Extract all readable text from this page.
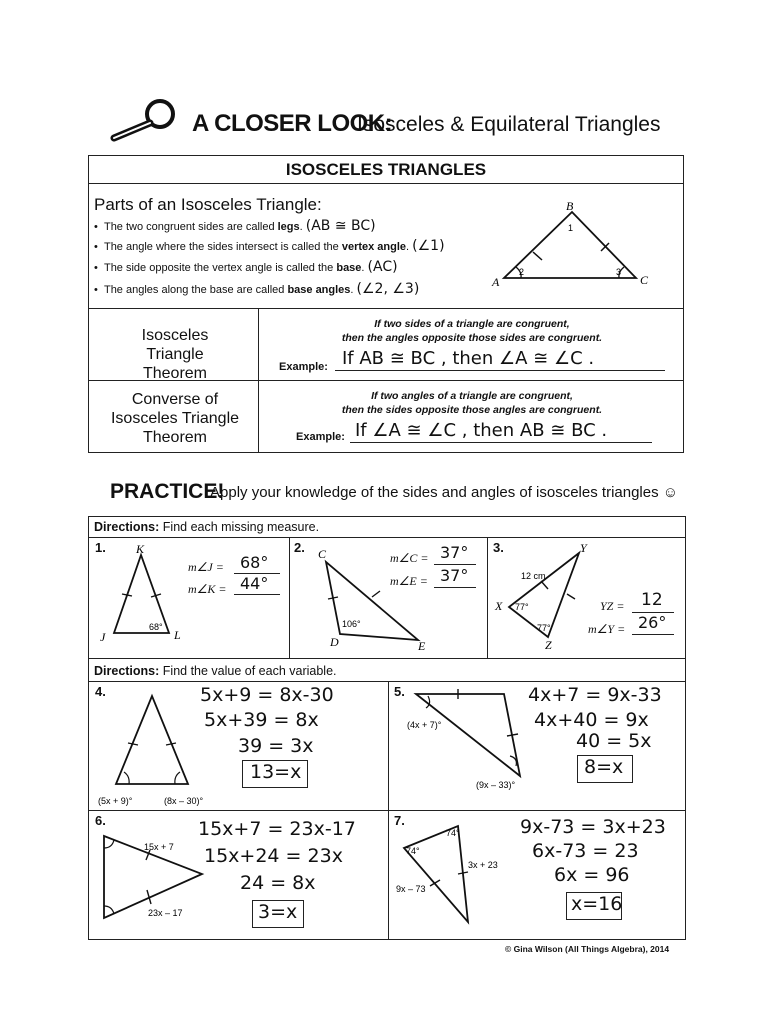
A CLOSER LOOK:
Isosceles & Equilateral Triangles
ISOSCELES TRIANGLES
Parts of an Isosceles Triangle:
•  The two congruent sides are called legs. (AB ≅ BC)
•  The angle where the sides intersect is called the vertex angle. (∠1)
•  The side opposite the vertex angle is called the base. (AC)
•  The angles along the base are called base angles. (∠2, ∠3)
B
A	C
1
2	3
Isosceles Triangle Theorem
If two sides of a triangle are congruent,
then the angles opposite those sides are congruent.
Example: If AB ≅ BC , then ∠A ≅ ∠C .
Converse of Isosceles Triangle Theorem
If two angles of a triangle are congruent,
then the sides opposite those angles are congruent.
Example: If ∠A ≅ ∠C , then AB ≅ BC .
PRACTICE!
Apply your knowledge of the sides and angles of isosceles triangles ☺
Directions: Find each missing measure.
Directions: Find the value of each variable.
1.	K
J	L
68°
m∠J = 68°
m∠K = 44°
2. C
D	E
106°
m∠C = 37°
m∠E = 37°
3.	Y
X
Z
12 cm
77°
77°
YZ = 12
m∠Y = 26°
4.
(5x + 9)°	(8x – 30)°
5x+9 = 8x-30
5x+39 = 8x
39 = 3x
13=x
5.
(4x + 7)°
(9x – 33)°
4x+7 = 9x-33
4x+40 = 9x
40 = 5x
8=x
6.
15x + 7
23x – 17
15x+7 = 23x-17
15x+24 = 23x
24 = 8x
3=x
7.
74°
74°
3x + 23
9x – 73
9x-73 = 3x+23
6x-73 = 23
6x = 96
x=16
© Gina Wilson (All Things Algebra), 2014
